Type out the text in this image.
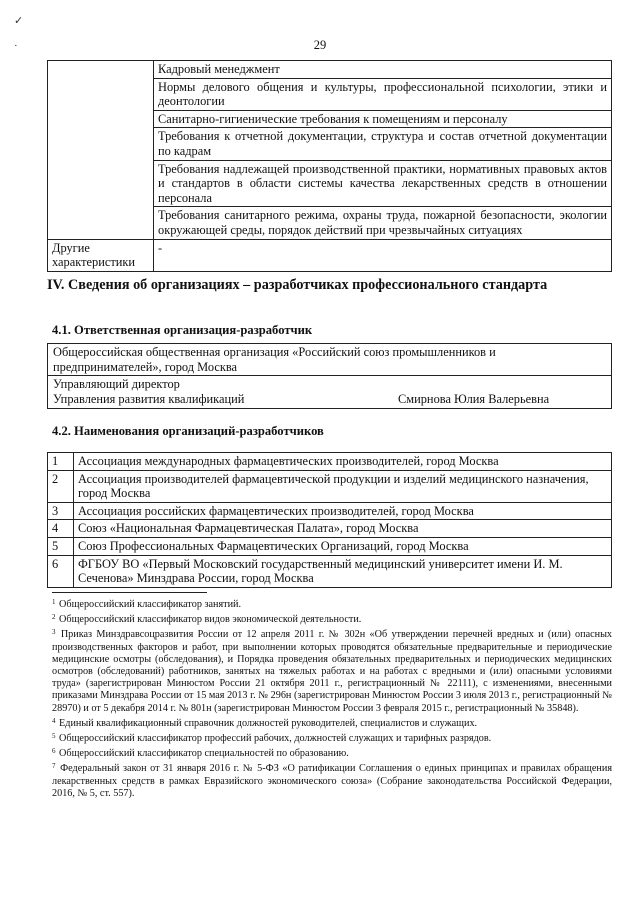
29
✓
·
	Кадровый менеджмент
	Нормы делового общения и культуры, профессиональной психологии, этики и деонтологии
	Санитарно-гигиенические требования к помещениям и персоналу
	Требования к отчетной документации, структура и состав отчетной документации по кадрам
	Требования надлежащей производственной практики, нормативных правовых актов и стандартов в области системы качества лекарственных средств в отношении персонала
	Требования санитарного режима, охраны труда, пожарной безопасности, экологии окружающей среды, порядок действий при чрезвычайных ситуациях
Другие характеристики	-
IV. Сведения об организациях – разработчиках профессионального стандарта
4.1. Ответственная организация-разработчик
Общероссийская общественная организация «Российский союз промышленников и предпринимателей», город Москва

Управляющий директор
Управления развития квалификаций	Смирнова Юлия Валерьевна
4.2. Наименования организаций-разработчиков
1	Ассоциация международных фармацевтических производителей, город Москва
2	Ассоциация производителей фармацевтической продукции и изделий медицинского назначения, город Москва
3	Ассоциация российских фармацевтических производителей, город Москва
4	Союз «Национальная Фармацевтическая Палата», город Москва
5	Союз Профессиональных Фармацевтических Организаций, город Москва
6	ФГБОУ ВО «Первый Московский государственный медицинский университет имени И. М. Сеченова» Минздрава России, город Москва

$^1$ Общероссийский классификатор занятий.

$^2$ Общероссийский классификатор видов экономической деятельности.

$^3$ Приказ Минздравсоцразвития России от 12 апреля 2011 г. № 302н «Об утверждении перечней вредных и (или) опасных производственных факторов и работ, при выполнении которых проводятся обязательные предварительные и периодические медицинские осмотры (обследования), и Порядка проведения обязательных предварительных и периодических медицинских осмотров (обследований) работников, занятых на тяжелых работах и на работах с вредными и (или) опасными условиями труда» (зарегистрирован Минюстом России 21 октября 2011 г., регистрационный № 22111), с изменениями, внесенными приказами Минздрава России от 15 мая 2013 г. № 296н (зарегистрирован Минюстом России 3 июля 2013 г., регистрационный № 28970) и от 5 декабря 2014 г. № 801н (зарегистрирован Минюстом России 3 февраля 2015 г., регистрационный № 35848).

$^4$ Единый квалификационный справочник должностей руководителей, специалистов и служащих.

$^5$ Общероссийский классификатор профессий рабочих, должностей служащих и тарифных разрядов.

$^6$ Общероссийский классификатор специальностей по образованию.

$^7$ Федеральный закон от 31 января 2016 г. № 5-ФЗ «О ратификации Соглашения о единых принципах и правилах обращения лекарственных средств в рамках Евразийского экономического союза» (Собрание законодательства Российской Федерации, 2016, № 5, ст. 557).
